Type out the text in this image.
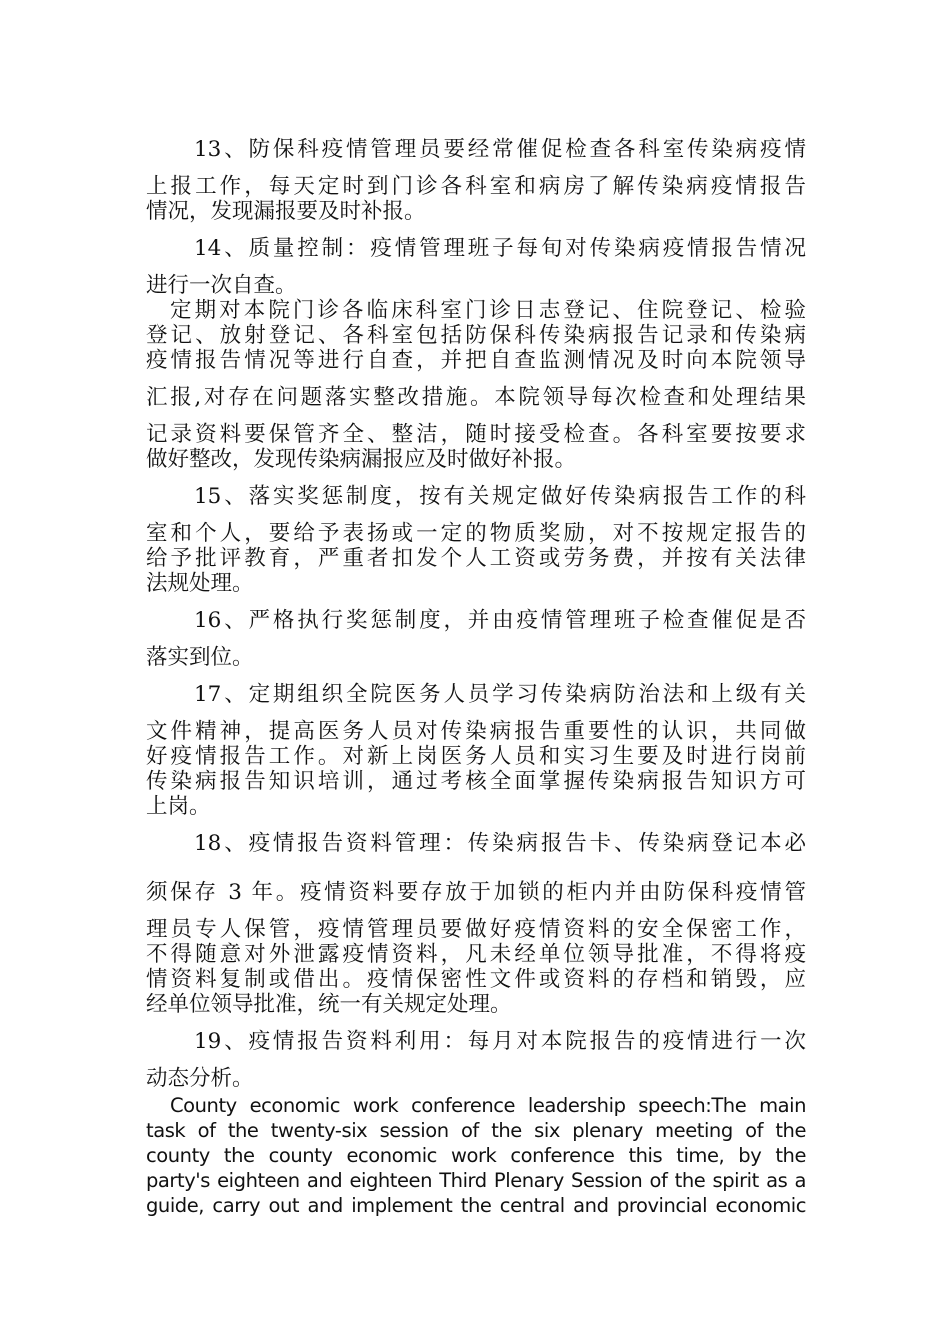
13、防保科疫情管理员要经常催促检查各科室传染病疫情
上报工作，每天定时到门诊各科室和病房了解传染病疫情报告
情况，发现漏报要及时补报。
14、质量控制：疫情管理班子每旬对传染病疫情报告情况
进行一次自查。
定期对本院门诊各临床科室门诊日志登记、住院登记、检验
登记、放射登记、各科室包括防保科传染病报告记录和传染病
疫情报告情况等进行自查，并把自查监测情况及时向本院领导
汇报,对存在问题落实整改措施。本院领导每次检查和处理结果
记录资料要保管齐全、整洁，随时接受检查。各科室要按要求
做好整改，发现传染病漏报应及时做好补报。
15、落实奖惩制度，按有关规定做好传染病报告工作的科
室和个人，要给予表扬或一定的物质奖励，对不按规定报告的
给予批评教育，严重者扣发个人工资或劳务费，并按有关法律
法规处理。
16、严格执行奖惩制度，并由疫情管理班子检查催促是否
落实到位。
17、定期组织全院医务人员学习传染病防治法和上级有关
文件精神，提高医务人员对传染病报告重要性的认识，共同做
好疫情报告工作。对新上岗医务人员和实习生要及时进行岗前
传染病报告知识培训，通过考核全面掌握传染病报告知识方可
上岗。
18、疫情报告资料管理：传染病报告卡、传染病登记本必
须保存 3 年。疫情资料要存放于加锁的柜内并由防保科疫情管
理员专人保管，疫情管理员要做好疫情资料的安全保密工作，
不得随意对外泄露疫情资料，凡未经单位领导批准，不得将疫
情资料复制或借出。疫情保密性文件或资料的存档和销毁，应
经单位领导批准，统一有关规定处理。
19、疫情报告资料利用：每月对本院报告的疫情进行一次
动态分析。
County economic work conference leadership speech:The main
task of the twenty-six session of the six plenary meeting of the
county the county economic work conference this time, by the
party's eighteen and eighteen Third Plenary Session of the spirit as a
guide, carry out and implement the central and provincial economic
